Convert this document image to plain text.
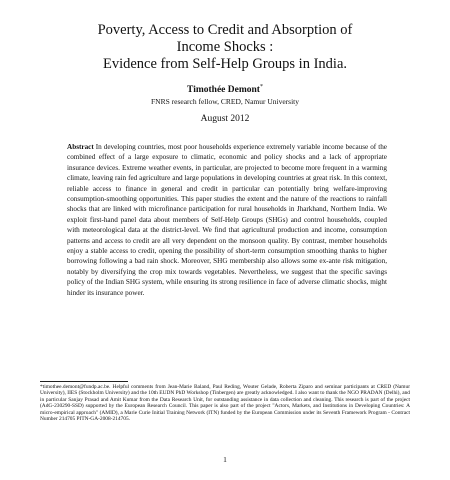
Poverty, Access to Credit and Absorption of
Income Shocks :
Evidence from Self-Help Groups in India.
Timothée Demont*
FNRS research fellow, CRED, Namur University
August 2012

Abstract In developing countries, most poor households experience extremely variable income because of the combined effect of a large exposure to climatic, economic and policy shocks and a lack of appropriate insurance devices. Extreme weather events, in particular, are projected to become more frequent in a warming climate, leaving rain fed agriculture and large populations in developing countries at great risk. In this context, reliable access to finance in general and credit in particular can potentially bring welfare-improving consumption-smoothing opportunities. This paper studies the extent and the nature of the reactions to rainfall shocks that are linked with microfinance participation for rural households in Jharkhand, Northern India. We exploit first-hand panel data about members of Self-Help Groups (SHGs) and control households, coupled with meteorological data at the district-level. We find that agricultural production and income, consumption patterns and access to credit are all very dependent on the monsoon quality. By contrast, member households enjoy a stable access to credit, opening the possibility of short-term consumption smoothing thanks to higher borrowing following a bad rain shock. Moreover, SHG membership also allows some ex-ante risk mitigation, notably by diversifying the crop mix towards vegetables. Nevertheless, we suggest that the specific savings policy of the Indian SHG system, while ensuring its strong resilience in face of adverse climatic shocks, might hinder its insurance power.

*timothee.demont@fundp.ac.be. Helpful comments from Jean-Marie Baland, Paul Reding, Wouter Gelade, Roberta Ziparo and seminar participants at CRED (Namur University), IIES (Stockholm University) and the 10th EUDN PhD Workshop (Tinbergen) are greatly acknowledged. I also want to thank the NGO PRADAN (Delhi), and in particular Sanjay Prasad and Amit Kumar from the Data Research Unit, for outstanding assistance in data collection and cleaning. This research is part of the project (AdG-230290-SSD) supported by the European Research Council. This paper is also part of the project "Actors, Markets, and Institutions in Developing Countries: A micro-empirical approach" (AMID), a Marie Curie Initial Training Network (ITN) funded by the European Commission under its Seventh Framework Program - Contract Number 214705 PITN-GA-2008-214705.

1
